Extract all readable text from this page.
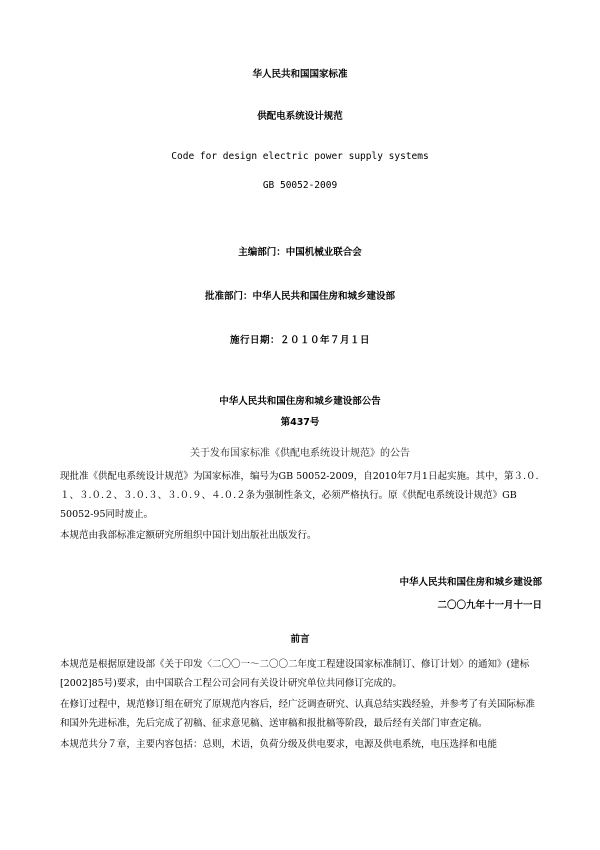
华人民共和国国家标准
供配电系统设计规范
Code for design electric power supply systems
GB 50052-2009
主编部门：中国机械业联合会
批准部门：中华人民共和国住房和城乡建设部
施行日期：２０１０年７月１日
中华人民共和国住房和城乡建设部公告
第437号
关于发布国家标准《供配电系统设计规范》的公告

现批准《供配电系统设计规范》为国家标准，编号为GB 50052-2009，自2010年7月1日起实施。其中，第３.０.１、３.０.２、３.０.３、３.０.９、４.０.２条为强制性条文，必须严格执行。原《供配电系统设计规范》GB 50052-95同时废止。

本规范由我部标准定额研究所组织中国计划出版社出版发行。

中华人民共和国住房和城乡建设部
二〇〇九年十一月十一日
前言

本规范是根据原建设部《关于印发〈二〇〇一～二〇〇二年度工程建设国家标准制订、修订计划〉的通知》(建标[2002]85号)要求，由中国联合工程公司会同有关设计研究单位共同修订完成的。

在修订过程中，规范修订组在研究了原规范内容后，经广泛调查研究、认真总结实践经验，并参考了有关国际标准和国外先进标准，先后完成了初稿、征求意见稿、送审稿和报批稿等阶段，最后经有关部门审查定稿。

本规范共分７章，主要内容包括：总则，术语，负荷分级及供电要求，电源及供电系统，电压选择和电能
